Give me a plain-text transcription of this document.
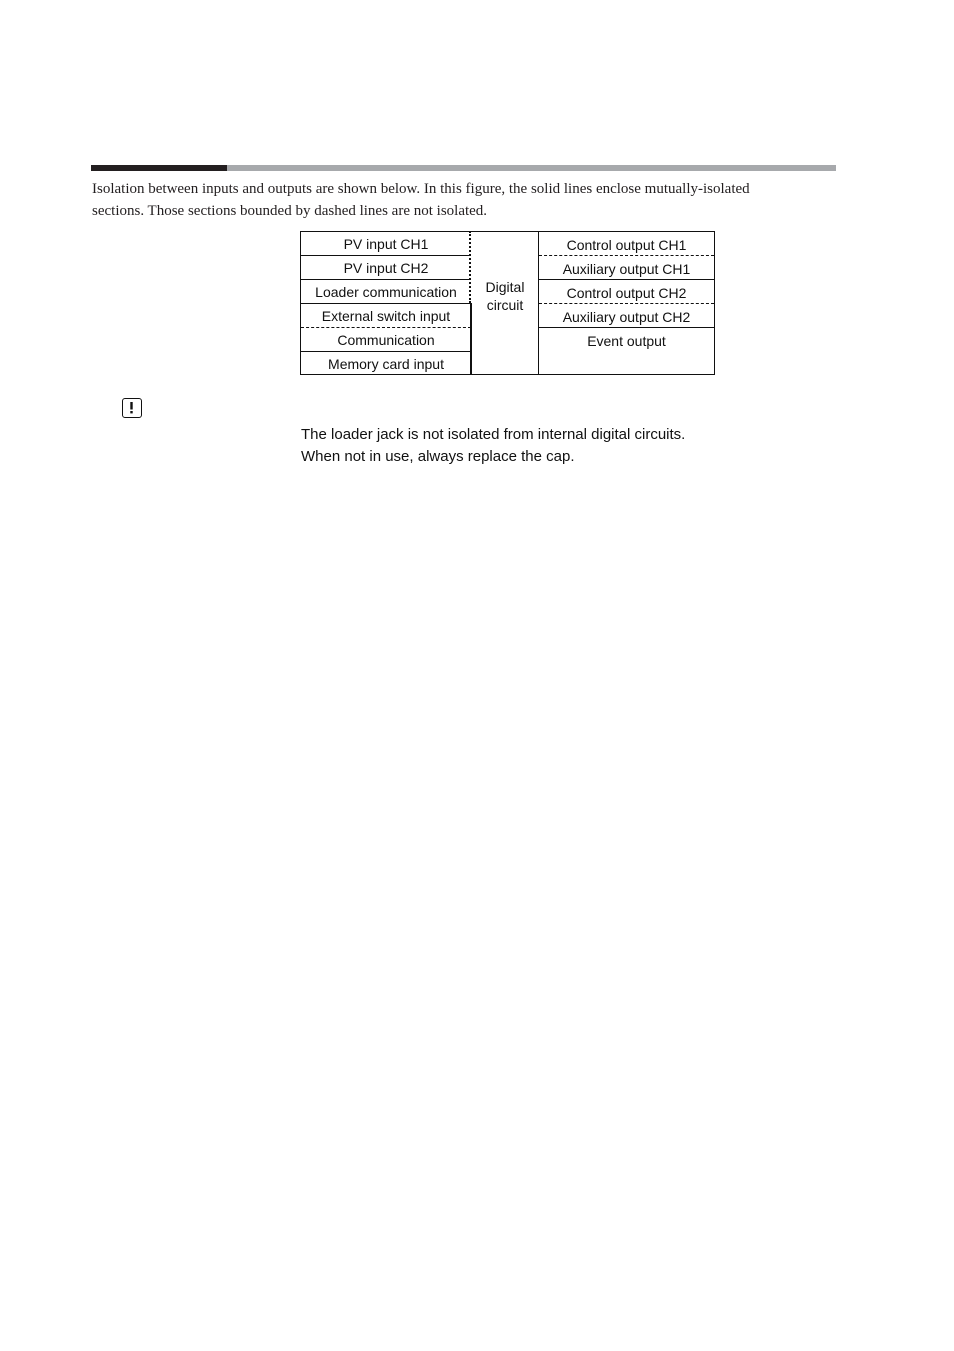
Isolation between inputs and outputs are shown below. In this figure, the solid lines enclose mutually-isolated

sections. Those sections bounded by dashed lines are not isolated.

PV input CH1
PV input CH2
Loader communication
External switch input
Communication
Memory card input
Digital
circuit
Control output CH1
Auxiliary output CH1
Control output CH2
Auxiliary output CH2
Event output

The loader jack is not isolated from internal digital circuits.

When not in use, always replace the cap.
